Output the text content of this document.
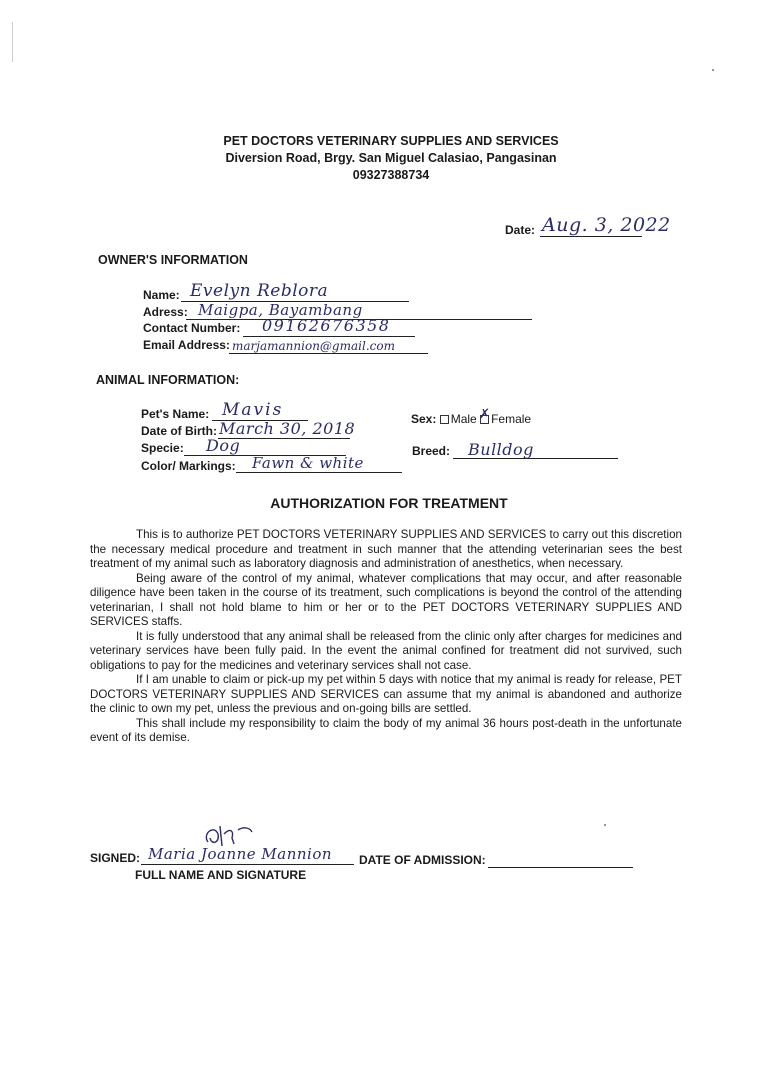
PET DOCTORS VETERINARY SUPPLIES AND SERVICES
Diversion Road, Brgy. San Miguel Calasiao, Pangasinan
09327388734
Date: Aug. 3, 2022
OWNER'S INFORMATION
Name: Evelyn Reblora
Adress: Maigpa, Bayambang
Contact Number: 09162676358
Email Address: marjamannion@gmail.com
ANIMAL INFORMATION:
Pet's Name: Mavis
Date of Birth: March 30, 2018
Specie: Dog
Color/ Markings: Fawn & white
Sex: Male ✗ Female
Breed: Bulldog
AUTHORIZATION FOR TREATMENT

This is to authorize PET DOCTORS VETERINARY SUPPLIES AND SERVICES to carry out this discretion the necessary medical procedure and treatment in such manner that the attending veterinarian sees the best treatment of my animal such as laboratory diagnosis and administration of anesthetics, when necessary.

Being aware of the control of my animal, whatever complications that may occur, and after reasonable diligence have been taken in the course of its treatment, such complications is beyond the control of the attending veterinarian, I shall not hold blame to him or her or to the PET DOCTORS VETERINARY SUPPLIES AND SERVICES staffs.

It is fully understood that any animal shall be released from the clinic only after charges for medicines and veterinary services have been fully paid. In the event the animal confined for treatment did not survived, such obligations to pay for the medicines and veterinary services shall not case.

If I am unable to claim or pick-up my pet within 5 days with notice that my animal is ready for release, PET DOCTORS VETERINARY SUPPLIES AND SERVICES can assume that my animal is abandoned and authorize the clinic to own my pet, unless the previous and on-going bills are settled.

This shall include my responsibility to claim the body of my animal 36 hours post-death in the unfortunate event of its demise.

SIGNED: Maria Joanne Mannion
FULL NAME AND SIGNATURE
DATE OF ADMISSION:
